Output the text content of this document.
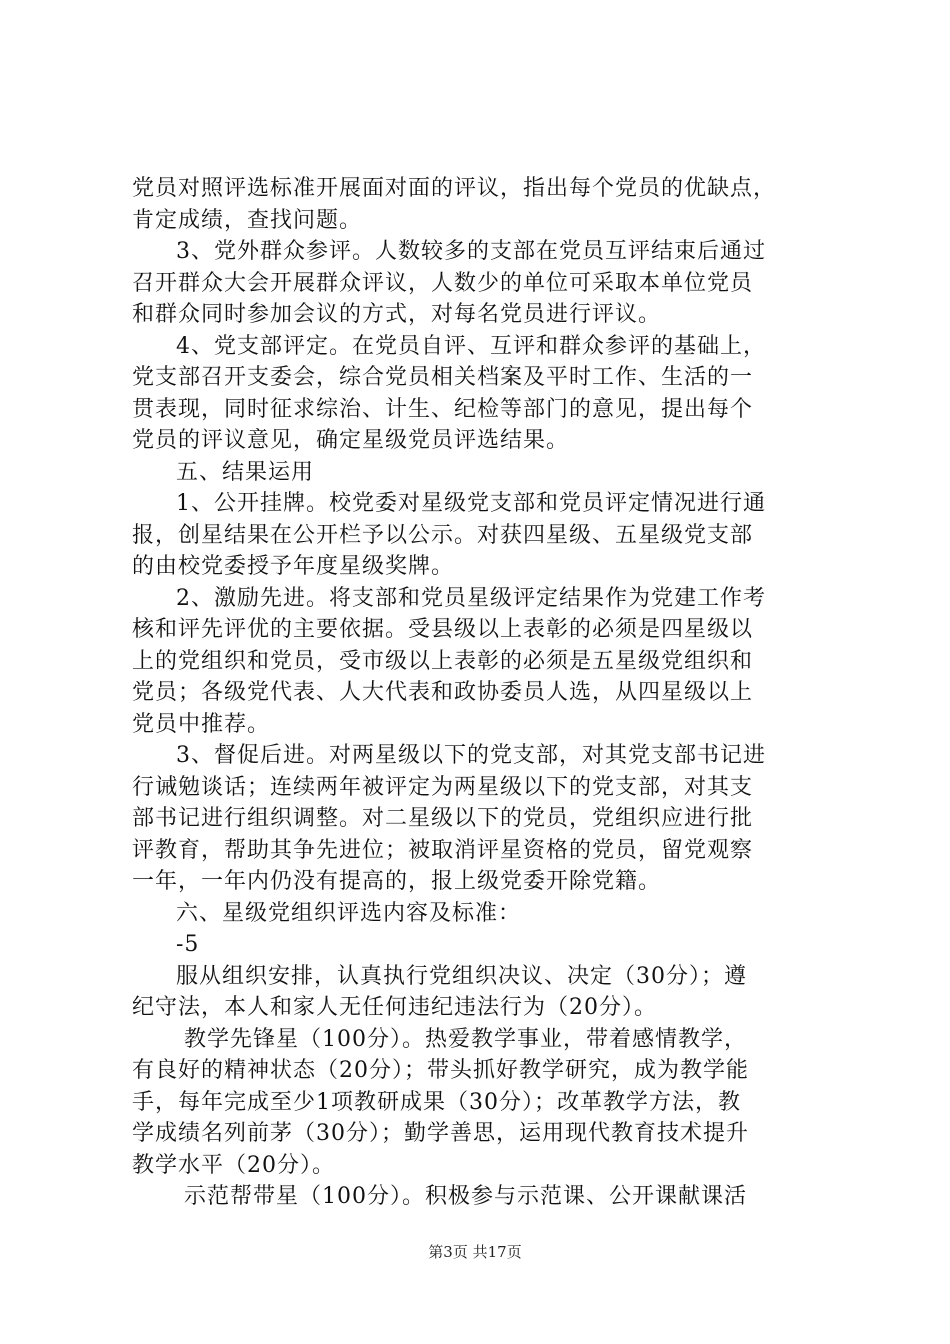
党员对照评选标准开展面对面的评议，指出每个党员的优缺点，
肯定成绩，查找问题。
3、党外群众参评。人数较多的支部在党员互评结束后通过
召开群众大会开展群众评议，人数少的单位可采取本单位党员
和群众同时参加会议的方式，对每名党员进行评议。
4、党支部评定。在党员自评、互评和群众参评的基础上，
党支部召开支委会，综合党员相关档案及平时工作、生活的一
贯表现，同时征求综治、计生、纪检等部门的意见，提出每个
党员的评议意见，确定星级党员评选结果。
五、结果运用
1、公开挂牌。校党委对星级党支部和党员评定情况进行通
报，创星结果在公开栏予以公示。对获四星级、五星级党支部
的由校党委授予年度星级奖牌。
2、激励先进。将支部和党员星级评定结果作为党建工作考
核和评先评优的主要依据。受县级以上表彰的必须是四星级以
上的党组织和党员，受市级以上表彰的必须是五星级党组织和
党员；各级党代表、人大代表和政协委员人选，从四星级以上
党员中推荐。
3、督促后进。对两星级以下的党支部，对其党支部书记进
行诫勉谈话；连续两年被评定为两星级以下的党支部，对其支
部书记进行组织调整。对二星级以下的党员，党组织应进行批
评教育，帮助其争先进位；被取消评星资格的党员，留党观察
一年，一年内仍没有提高的，报上级党委开除党籍。
六、星级党组织评选内容及标准：
-5
服从组织安排，认真执行党组织决议、决定（30分）；遵
纪守法，本人和家人无任何违纪违法行为（20分）。
教学先锋星（100分）。热爱教学事业，带着感情教学，
有良好的精神状态（20分）；带头抓好教学研究，成为教学能
手，每年完成至少1项教研成果（30分）；改革教学方法，教
学成绩名列前茅（30分）；勤学善思，运用现代教育技术提升
教学水平（20分）。
示范帮带星（100分）。积极参与示范课、公开课献课活
第3页 共17页
